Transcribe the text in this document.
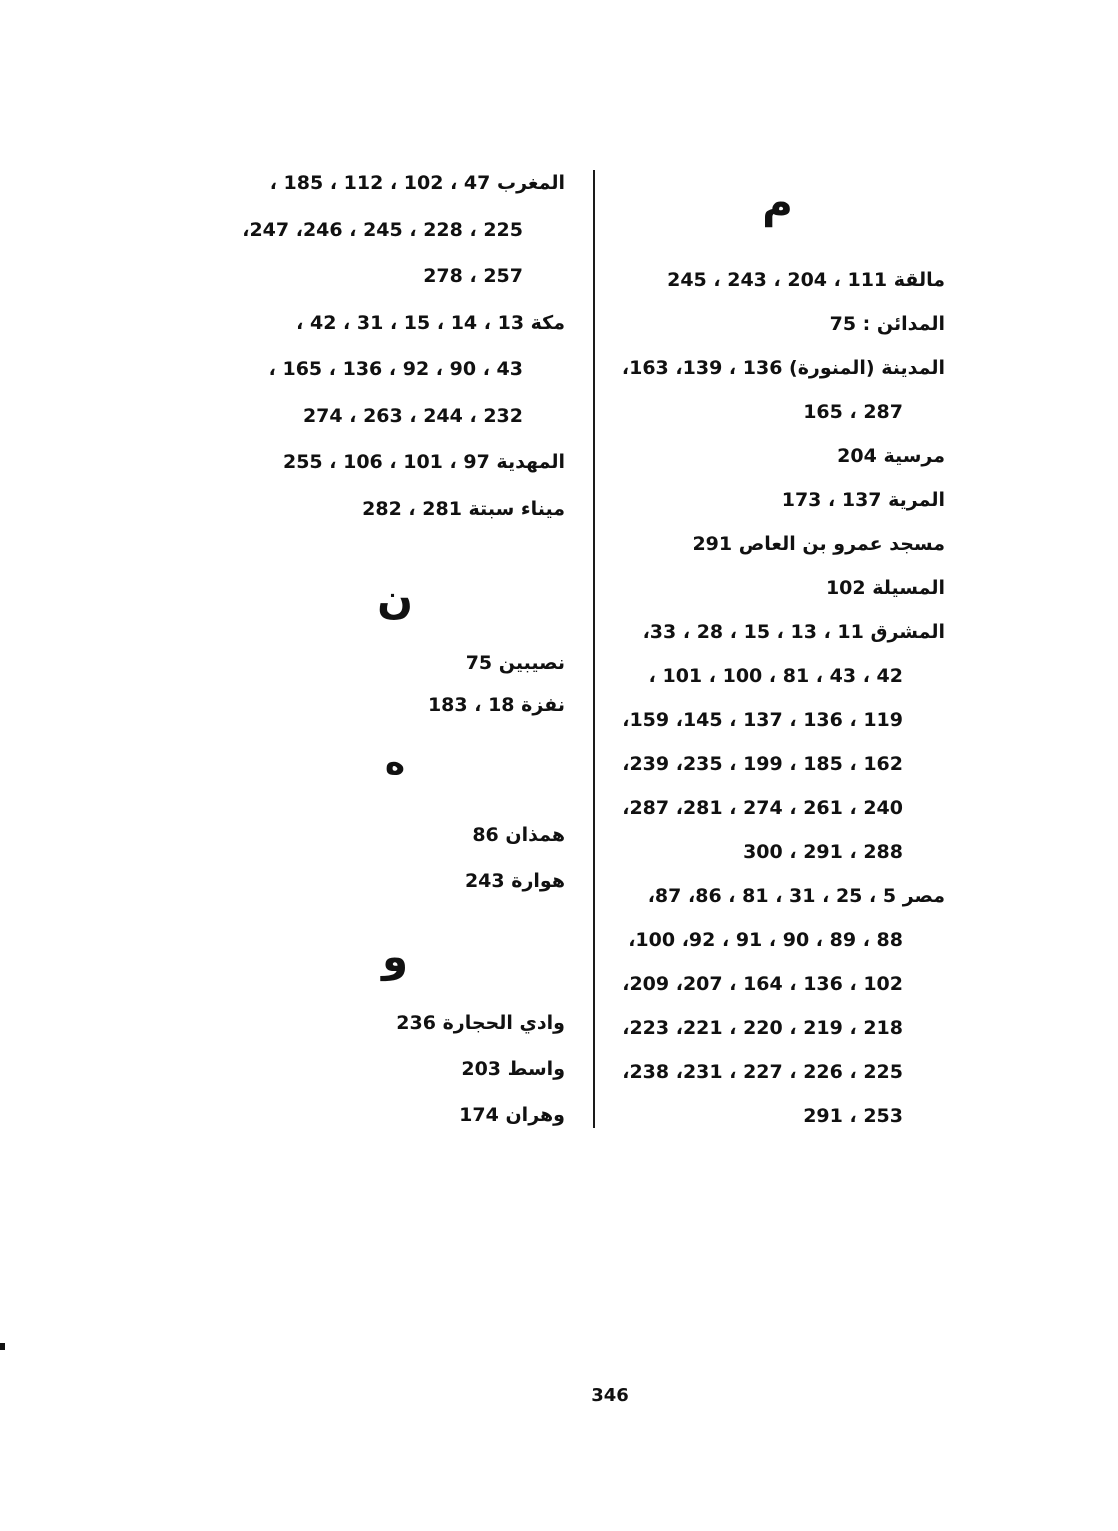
م
مالقة 111 ، 204 ، 243 ، 245
المدائن : 75
المدينة (المنورة) 136 ، 139، 163،
287 ، 165
مرسية 204
المرية 137 ، 173
مسجد عمرو بن العاص 291
المسيلة 102
المشرق 11 ، 13 ، 15 ، 28 ، 33،
42 ، 43 ، 81 ، 100 ، 101 ،
119 ، 136 ، 137 ، 145، 159،
162 ، 185 ، 199 ، 235، 239،
240 ، 261 ، 274 ، 281، 287،
288 ، 291 ، 300
مصر 5 ، 25 ، 31 ، 81 ، 86، 87،
88 ، 89 ، 90 ، 91 ، 92، 100،
102 ، 136 ، 164 ، 207، 209،
218 ، 219 ، 220 ، 221، 223،
225 ، 226 ، 227 ، 231، 238،
253 ، 291
المغرب 47 ، 102 ، 112 ، 185 ،
225 ، 228 ، 245 ، 246، 247،
257 ، 278
مكة 13 ، 14 ، 15 ، 31 ، 42 ،
43 ، 90 ، 92 ، 136 ، 165 ،
232 ، 244 ، 263 ، 274
المهدية 97 ، 101 ، 106 ، 255
ميناء سبتة 281 ، 282
ن
نصيبين 75
نفزة 18 ، 183
ه
همذان 86
هوارة 243
و
وادي الحجارة 236
واسط 203
وهران 174
346
